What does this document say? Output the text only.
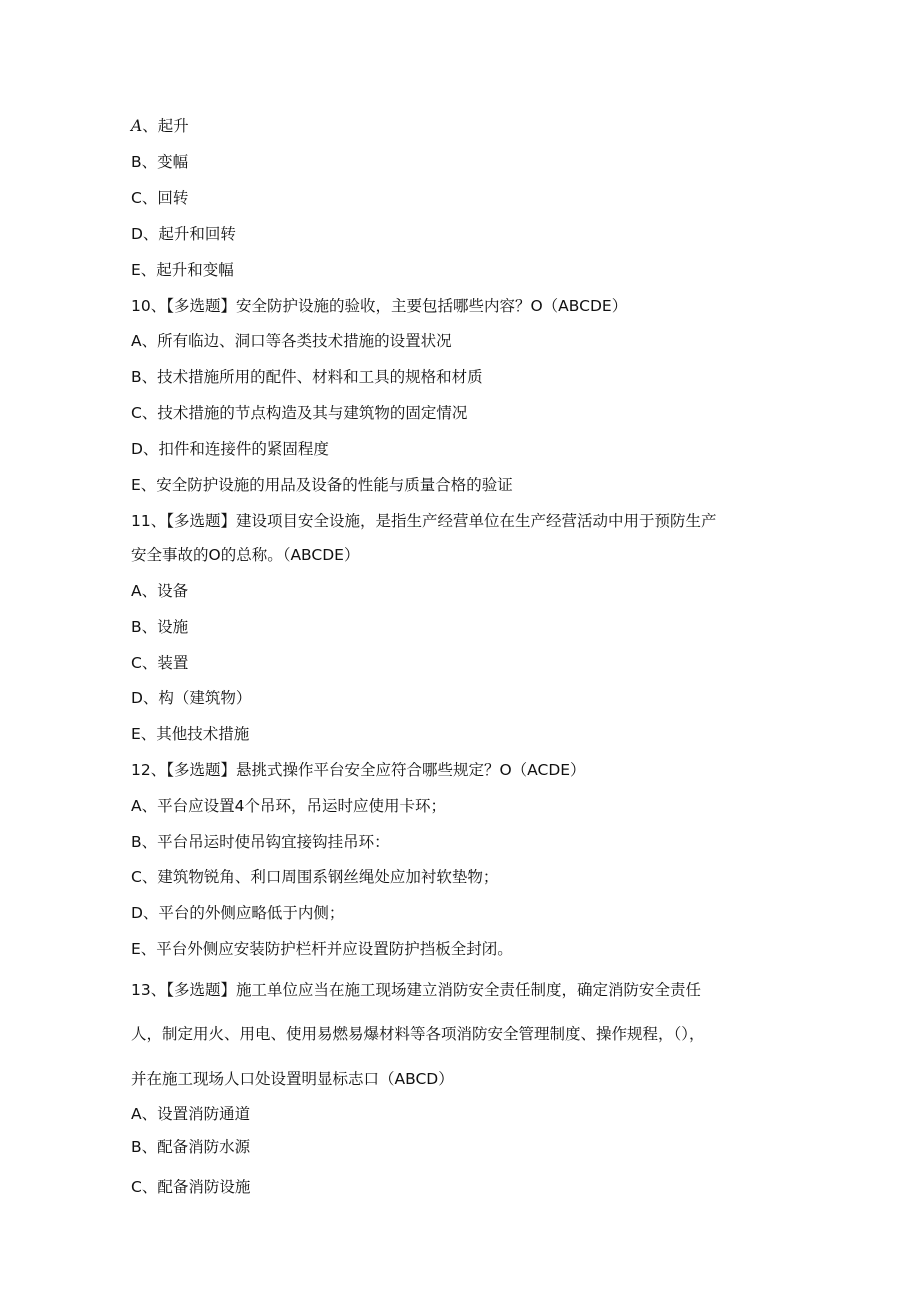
A、起升

B、变幅

C、回转

D、起升和回转

E、起升和变幅

10、【多选题】安全防护设施的验收，主要包括哪些内容？O（ABCDE）

A、所有临边、洞口等各类技术措施的设置状况

B、技术措施所用的配件、材料和工具的规格和材质

C、技术措施的节点构造及其与建筑物的固定情况

D、扣件和连接件的紧固程度

E、安全防护设施的用品及设备的性能与质量合格的验证

11、【多选题】建设项目安全设施，是指生产经营单位在生产经营活动中用于预防生产

安全事故的O的总称。（ABCDE）

A、设备

B、设施

C、装置

D、构（建筑物）

E、其他技术措施

12、【多选题】悬挑式操作平台安全应符合哪些规定？O（ACDE）

A、平台应设置4个吊环，吊运时应使用卡环；

B、平台吊运时使吊钩宜接钩挂吊环：

C、建筑物锐角、利口周围系钢丝绳处应加衬软垫物；

D、平台的外侧应略低于内侧；

E、平台外侧应安装防护栏杆并应设置防护挡板全封闭。

13、【多选题】施工单位应当在施工现场建立消防安全责任制度，确定消防安全责任

人，制定用火、用电、使用易燃易爆材料等各项消防安全管理制度、操作规程，（），

并在施工现场人口处设置明显标志口（ABCD）

A、设置消防通道

B、配备消防水源

C、配备消防设施
